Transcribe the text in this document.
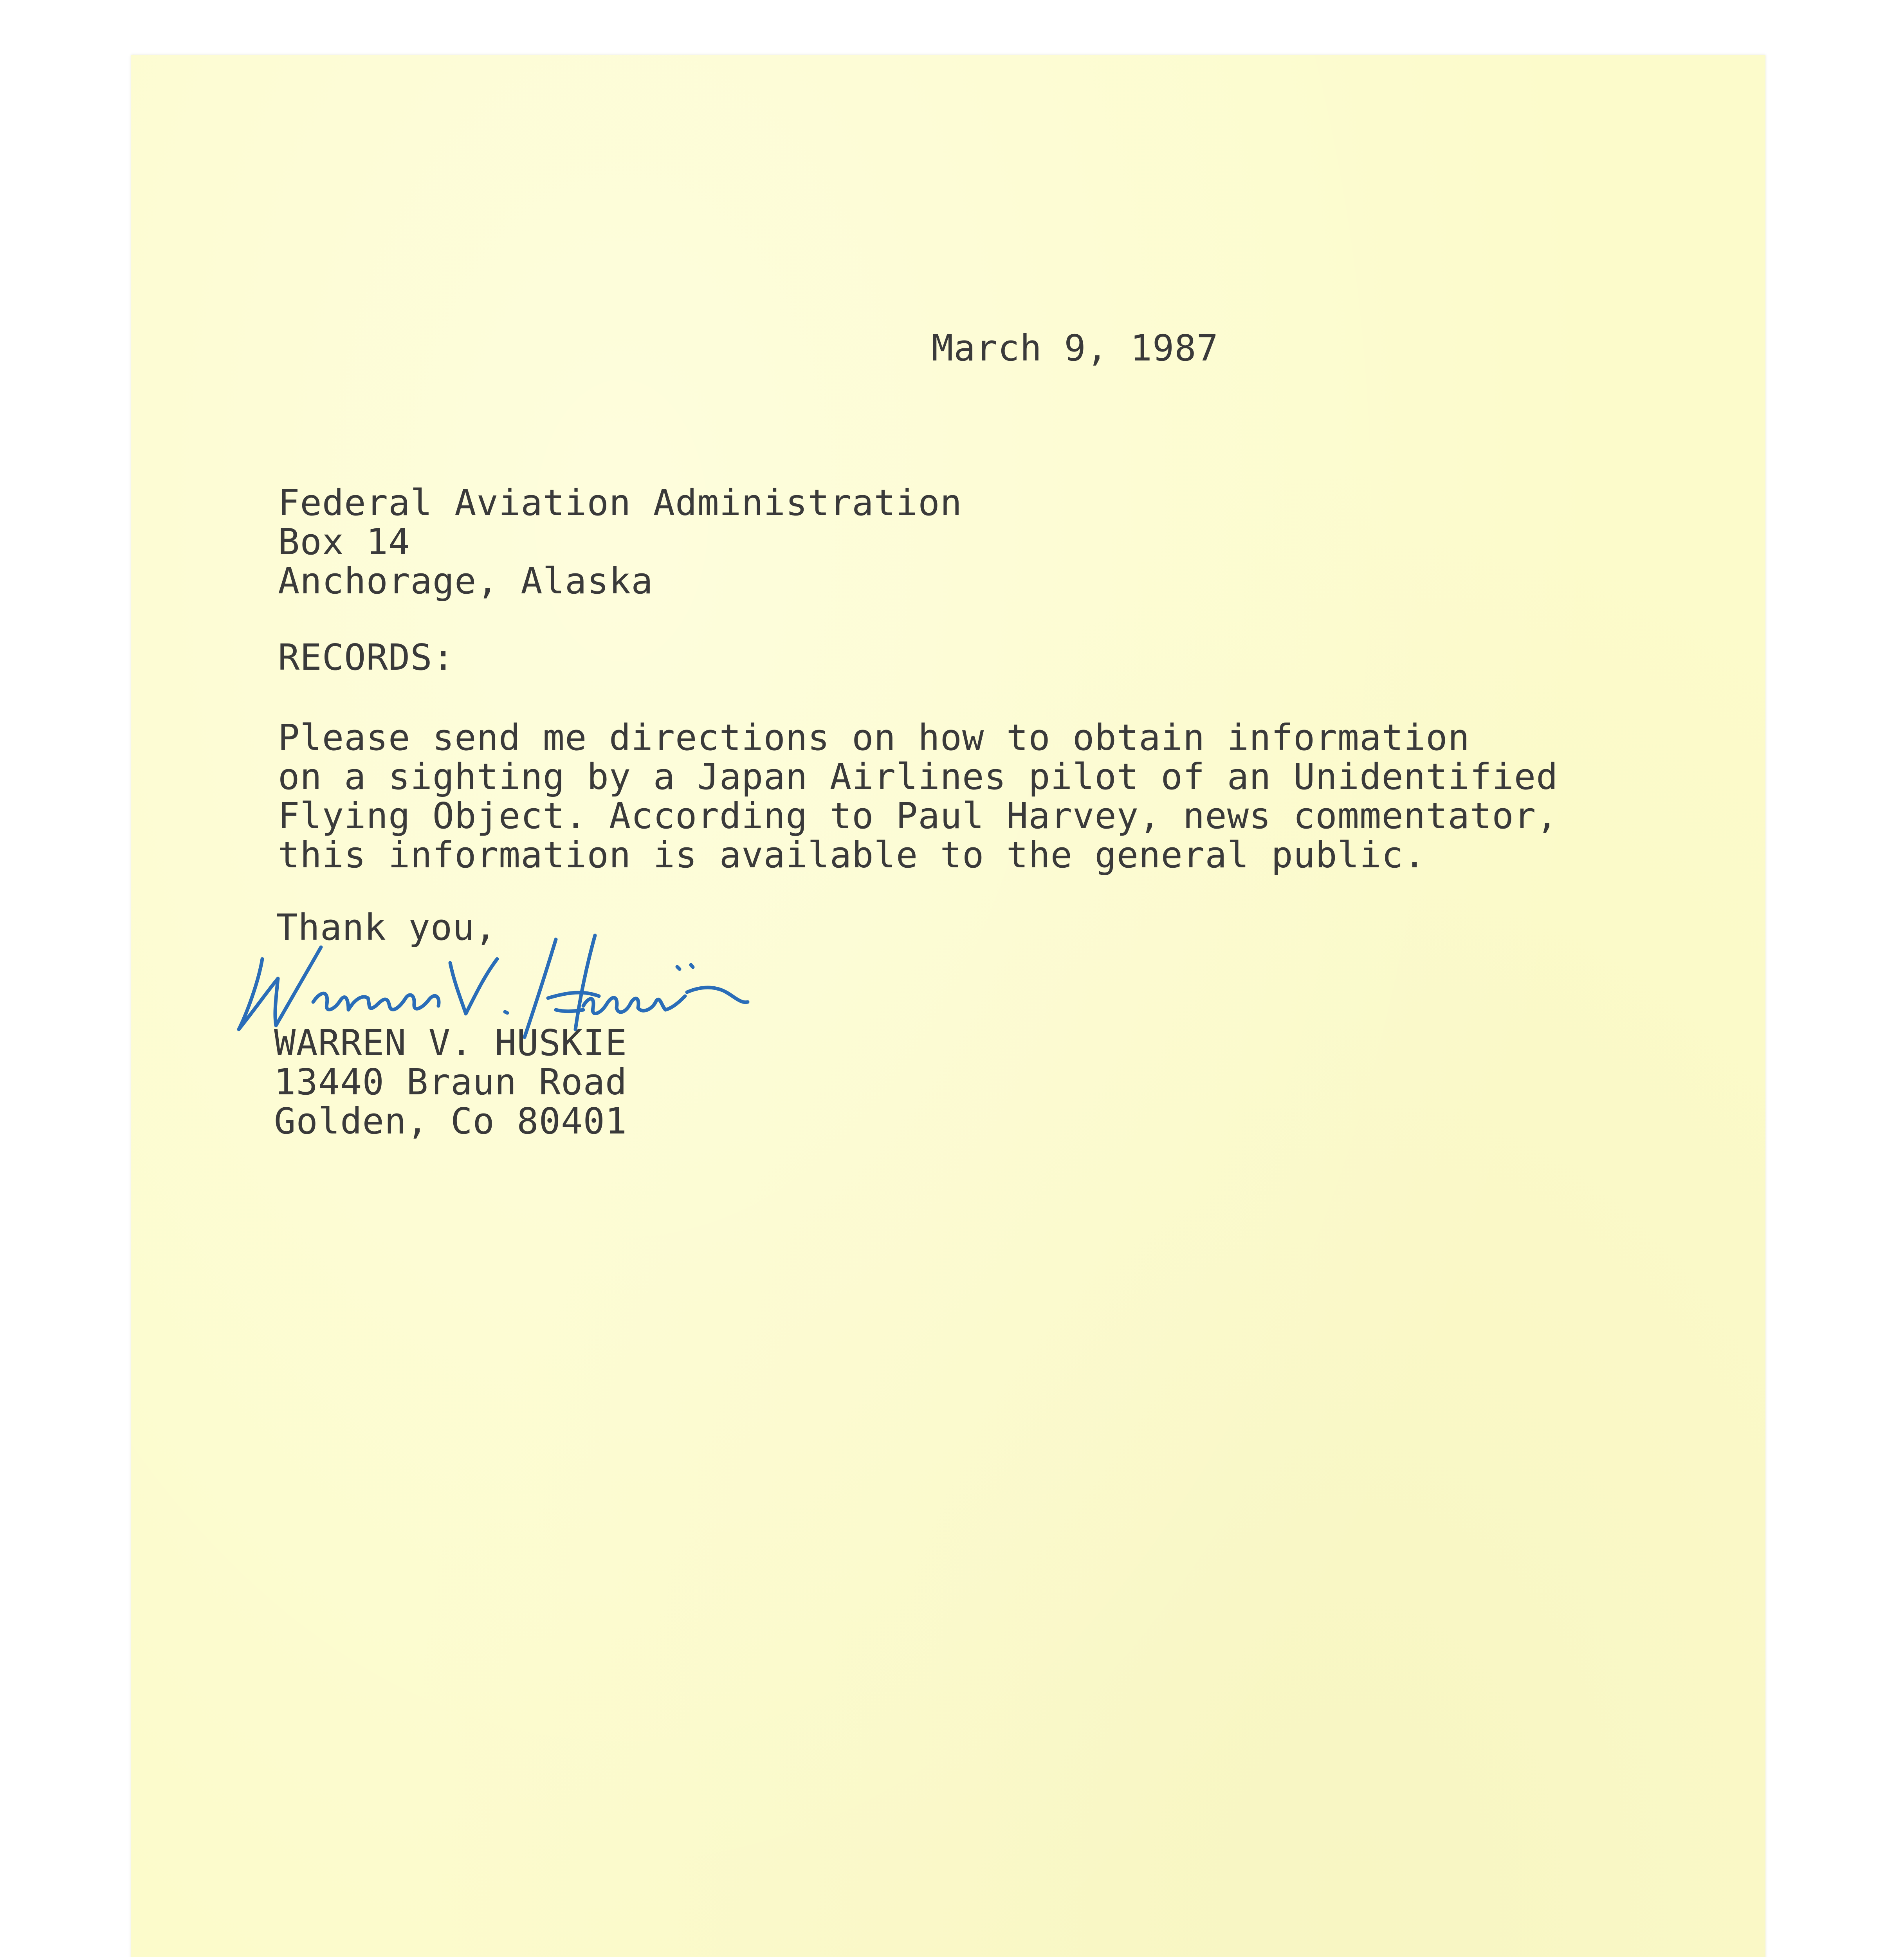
March 9, 1987
Federal Aviation Administration
Box 14
Anchorage, Alaska
RECORDS:
Please send me directions on how to obtain information
on a sighting by a Japan Airlines pilot of an Unidentified
Flying Object. According to Paul Harvey, news commentator,
this information is available to the general public.
Thank you,
WARREN V. HUSKIE
13440 Braun Road
Golden, Co 80401
